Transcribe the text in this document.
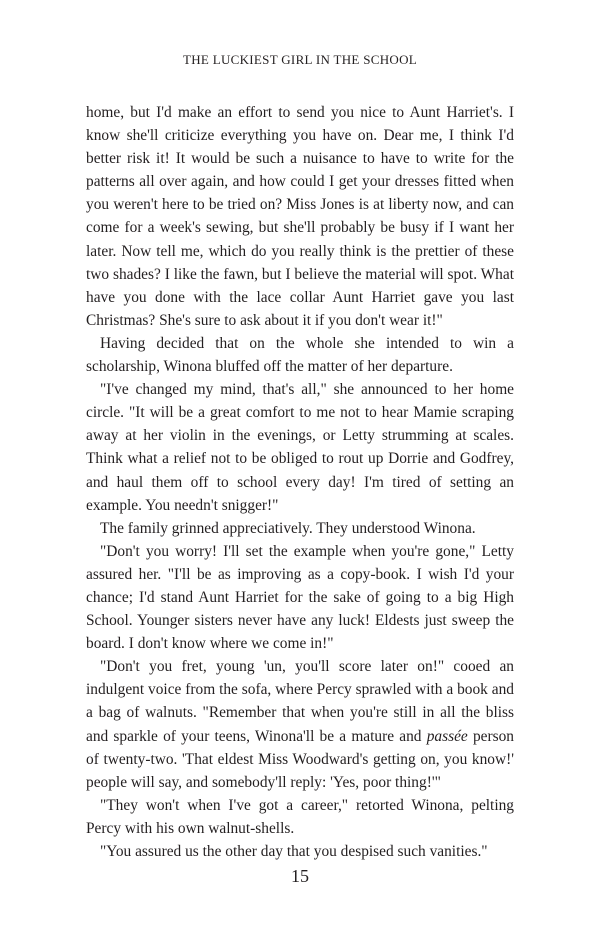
THE LUCKIEST GIRL IN THE SCHOOL

home, but I'd make an effort to send you nice to Aunt Harriet's. I know she'll criticize everything you have on. Dear me, I think I'd better risk it! It would be such a nuisance to have to write for the patterns all over again, and how could I get your dresses fitted when you weren't here to be tried on? Miss Jones is at liberty now, and can come for a week's sewing, but she'll probably be busy if I want her later. Now tell me, which do you really think is the prettier of these two shades? I like the fawn, but I believe the material will spot. What have you done with the lace collar Aunt Harriet gave you last Christmas? She's sure to ask about it if you don't wear it!"

Having decided that on the whole she intended to win a scholarship, Winona bluffed off the matter of her departure.

"I've changed my mind, that's all," she announced to her home circle. "It will be a great comfort to me not to hear Mamie scraping away at her violin in the evenings, or Letty strumming at scales. Think what a relief not to be obliged to rout up Dorrie and Godfrey, and haul them off to school every day! I'm tired of setting an example. You needn't snigger!"

The family grinned appreciatively. They understood Winona.

"Don't you worry! I'll set the example when you're gone," Letty assured her. "I'll be as improving as a copy-book. I wish I'd your chance; I'd stand Aunt Harriet for the sake of going to a big High School. Younger sisters never have any luck! Eldests just sweep the board. I don't know where we come in!"

"Don't you fret, young 'un, you'll score later on!" cooed an indulgent voice from the sofa, where Percy sprawled with a book and a bag of walnuts. "Remember that when you're still in all the bliss and sparkle of your teens, Winona'll be a mature and passée person of twenty-two. 'That eldest Miss Woodward's getting on, you know!' people will say, and somebody'll reply: 'Yes, poor thing!'"

"They won't when I've got a career," retorted Winona, pelting Percy with his own walnut-shells.

"You assured us the other day that you despised such vanities."

15
